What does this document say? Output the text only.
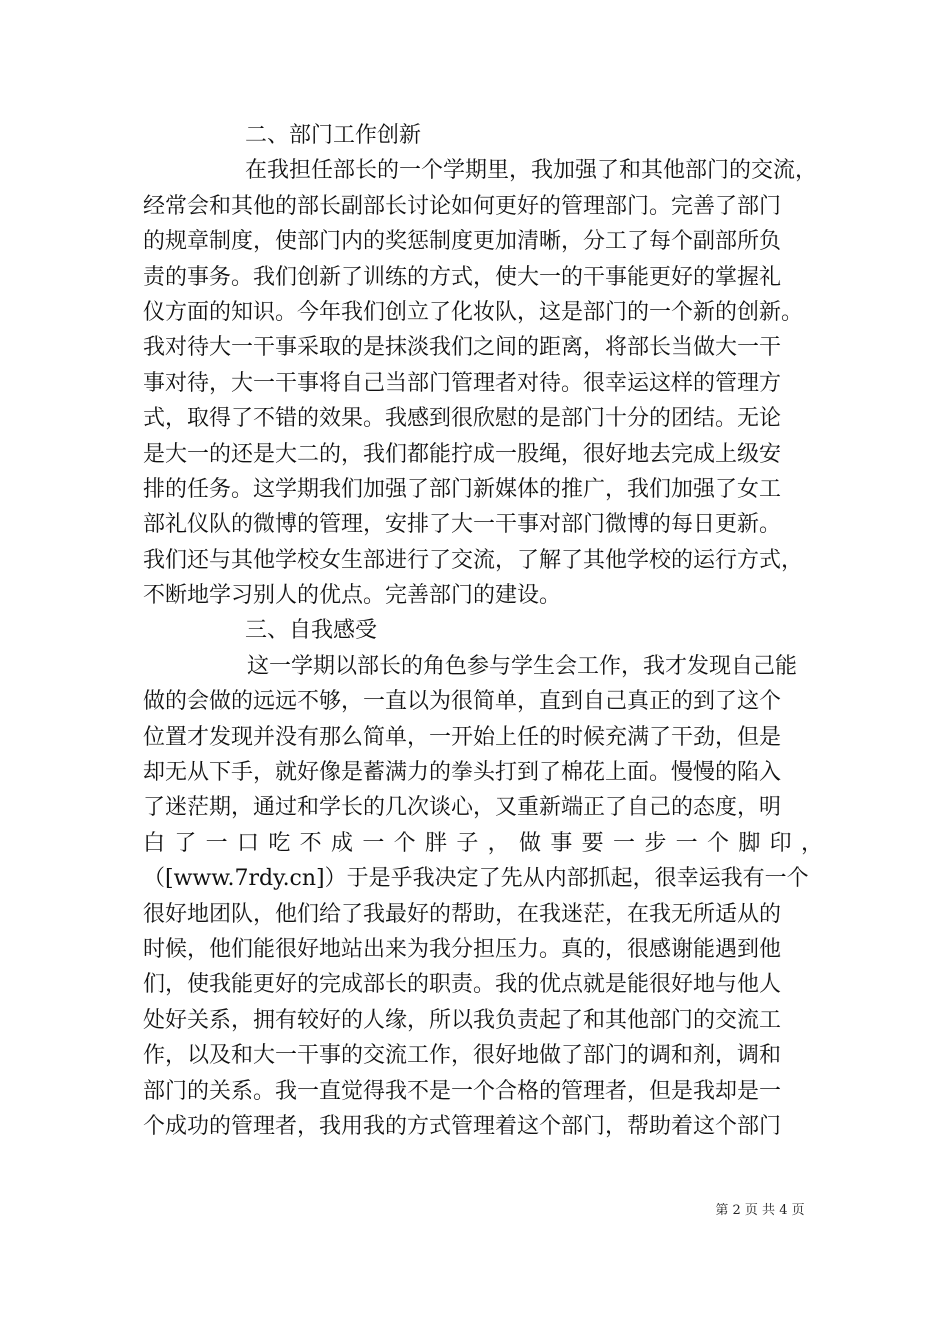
二、部门工作创新
在我担任部长的一个学期里，我加强了和其他部门的交流，
经常会和其他的部长副部长讨论如何更好的管理部门。完善了部门
的规章制度，使部门内的奖惩制度更加清晰，分工了每个副部所负
责的事务。我们创新了训练的方式，使大一的干事能更好的掌握礼
仪方面的知识。今年我们创立了化妆队，这是部门的一个新的创新。
我对待大一干事采取的是抹淡我们之间的距离，将部长当做大一干
事对待，大一干事将自己当部门管理者对待。很幸运这样的管理方
式，取得了不错的效果。我感到很欣慰的是部门十分的团结。无论
是大一的还是大二的，我们都能拧成一股绳，很好地去完成上级安
排的任务。这学期我们加强了部门新媒体的推广，我们加强了女工
部礼仪队的微博的管理，安排了大一干事对部门微博的每日更新。
我们还与其他学校女生部进行了交流，了解了其他学校的运行方式，
不断地学习别人的优点。完善部门的建设。
三、自我感受
这一学期以部长的角色参与学生会工作，我才发现自己能
做的会做的远远不够，一直以为很简单，直到自己真正的到了这个
位置才发现并没有那么简单，一开始上任的时候充满了干劲，但是
却无从下手，就好像是蓄满力的拳头打到了棉花上面。慢慢的陷入
了迷茫期，通过和学长的几次谈心，又重新端正了自己的态度，明
白了一口吃不成一个胖子，做事要一步一个脚印，
（[www.7rdy.cn]）于是乎我决定了先从内部抓起，很幸运我有一个
很好地团队，他们给了我最好的帮助，在我迷茫，在我无所适从的
时候，他们能很好地站出来为我分担压力。真的，很感谢能遇到他
们，使我能更好的完成部长的职责。我的优点就是能很好地与他人
处好关系，拥有较好的人缘，所以我负责起了和其他部门的交流工
作，以及和大一干事的交流工作，很好地做了部门的调和剂，调和
部门的关系。我一直觉得我不是一个合格的管理者，但是我却是一
个成功的管理者，我用我的方式管理着这个部门，帮助着这个部门
第 2 页 共 4 页
